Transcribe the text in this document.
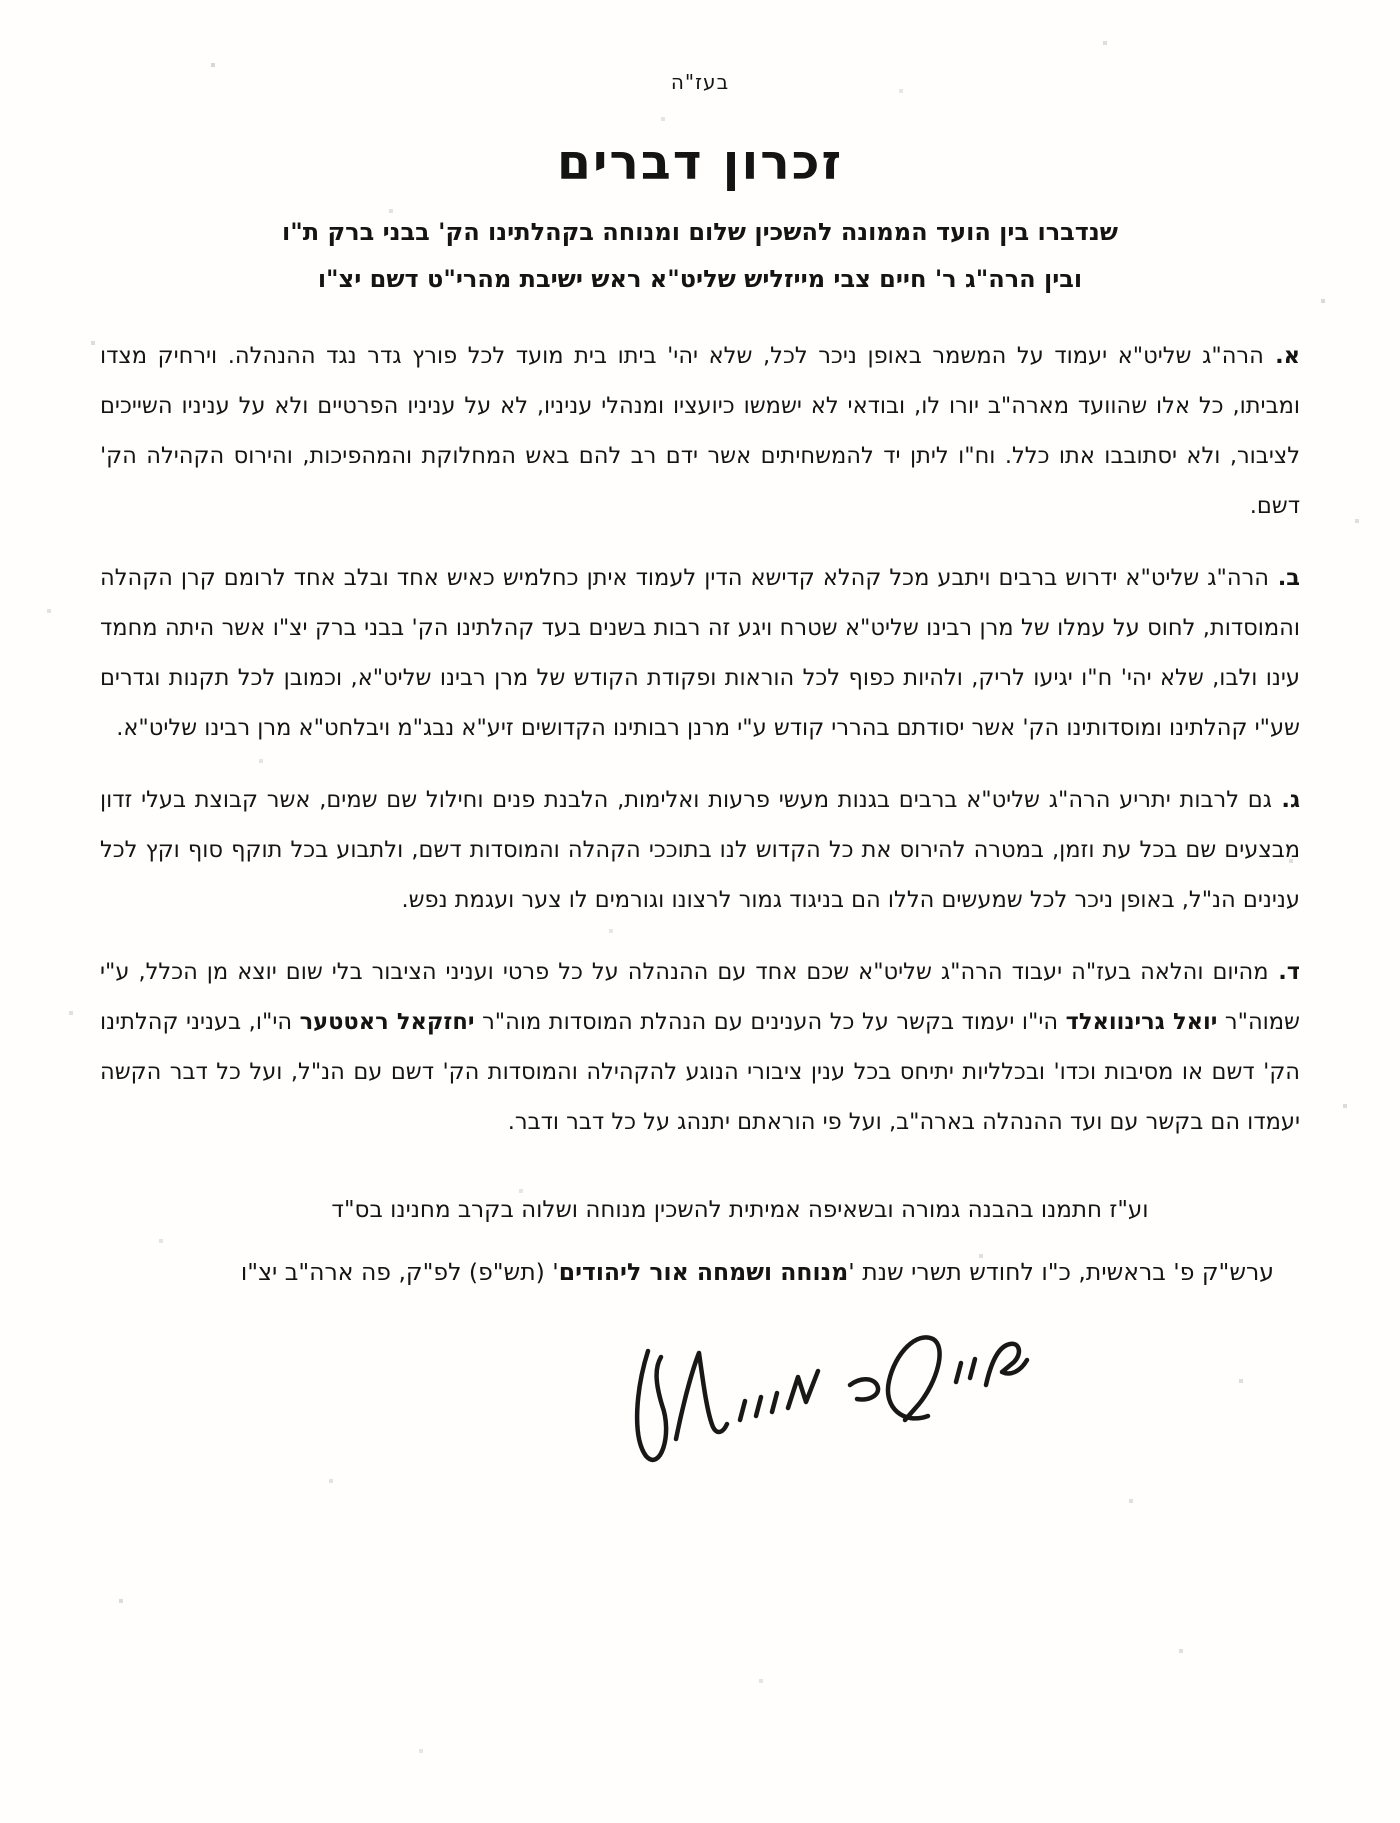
בעז"ה
זכרון דברים
שנדברו בין הועד הממונה להשכין שלום ומנוחה בקהלתינו הק' בבני ברק ת"ו
ובין הרה"ג ר' חיים צבי מייזליש שליט"א ראש ישיבת מהרי"ט דשם יצ"ו
א. הרה"ג שליט"א יעמוד על המשמר באופן ניכר לכל, שלא יהי' ביתו בית מועד לכל פורץ גדר נגד ההנהלה. וירחיק מצדו ומביתו, כל אלו שהוועד מארה"ב יורו לו, ובודאי לא ישמשו כיועציו ומנהלי עניניו, לא על עניניו הפרטיים ולא על עניניו השייכים לציבור, ולא יסתובבו אתו כלל. וח"ו ליתן יד להמשחיתים אשר ידם רב להם באש המחלוקת והמהפיכות, והירוס הקהילה הק' דשם.
ב. הרה"ג שליט"א ידרוש ברבים ויתבע מכל קהלא קדישא הדין לעמוד איתן כחלמיש כאיש אחד ובלב אחד לרומם קרן הקהלה והמוסדות, לחוס על עמלו של מרן רבינו שליט"א שטרח ויגע זה רבות בשנים בעד קהלתינו הק' בבני ברק יצ"ו אשר היתה מחמד עינו ולבו, שלא יהי' ח"ו יגיעו לריק, ולהיות כפוף לכל הוראות ופקודת הקודש של מרן רבינו שליט"א, וכמובן לכל תקנות וגדרים שע"י קהלתינו ומוסדותינו הק' אשר יסודתם בהררי קודש ע"י מרנן רבותינו הקדושים זיע"א נבג"מ ויבלחט"א מרן רבינו שליט"א.
ג. גם לרבות יתריע הרה"ג שליט"א ברבים בגנות מעשי פרעות ואלימות, הלבנת פנים וחילול שם שמים, אשר קבוצת בעלי זדון מבצעים שם בכל עת וזמן, במטרה להירוס את כל הקדוש לנו בתוככי הקהלה והמוסדות דשם, ולתבוע בכל תוקף סוף וקץ לכל ענינים הנ"ל, באופן ניכר לכל שמעשים הללו הם בניגוד גמור לרצונו וגורמים לו צער ועגמת נפש.
ד. מהיום והלאה בעז"ה יעבוד הרה"ג שליט"א שכם אחד עם ההנהלה על כל פרטי ועניני הציבור בלי שום יוצא מן הכלל, ע"י שמוה"ר יואל גרינוואלד הי"ו יעמוד בקשר על כל הענינים עם הנהלת המוסדות מוה"ר יחזקאל ראטטער הי"ו, בעניני קהלתינו הק' דשם או מסיבות וכדו' ובכלליות יתיחס בכל ענין ציבורי הנוגע להקהילה והמוסדות הק' דשם עם הנ"ל, ועל כל דבר הקשה יעמדו הם בקשר עם ועד ההנהלה בארה"ב, ועל פי הוראתם יתנהג על כל דבר ודבר.
וע"ז חתמנו בהבנה גמורה ובשאיפה אמיתית להשכין מנוחה ושלוה בקרב מחנינו בס"ד
ערש"ק פ' בראשית, כ"ו לחודש תשרי שנת 'מנוחה ושמחה אור ליהודים' (תש"פ) לפ"ק, פה ארה"ב יצ"ו
